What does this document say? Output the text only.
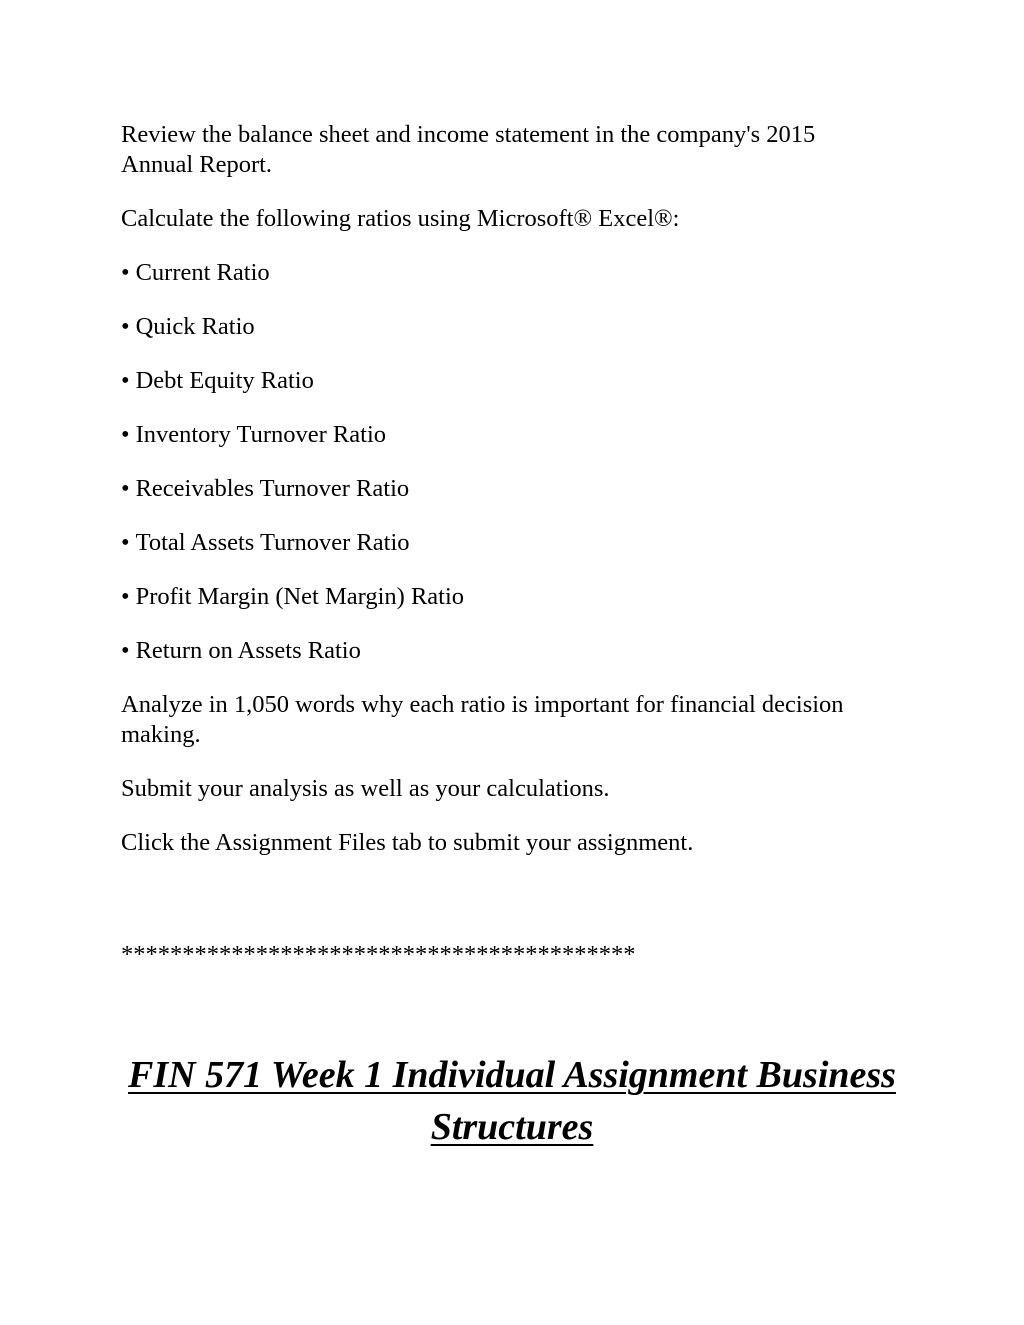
Review the balance sheet and income statement in the company's 2015 Annual Report.

Calculate the following ratios using Microsoft® Excel®:

• Current Ratio
• Quick Ratio
• Debt Equity Ratio
• Inventory Turnover Ratio
• Receivables Turnover Ratio
• Total Assets Turnover Ratio
• Profit Margin (Net Margin) Ratio
• Return on Assets Ratio

Analyze in 1,050 words why each ratio is important for financial decision making.

Submit your analysis as well as your calculations.

Click the Assignment Files tab to submit your assignment.

******************************************
FIN 571 Week 1 Individual Assignment Business Structures
